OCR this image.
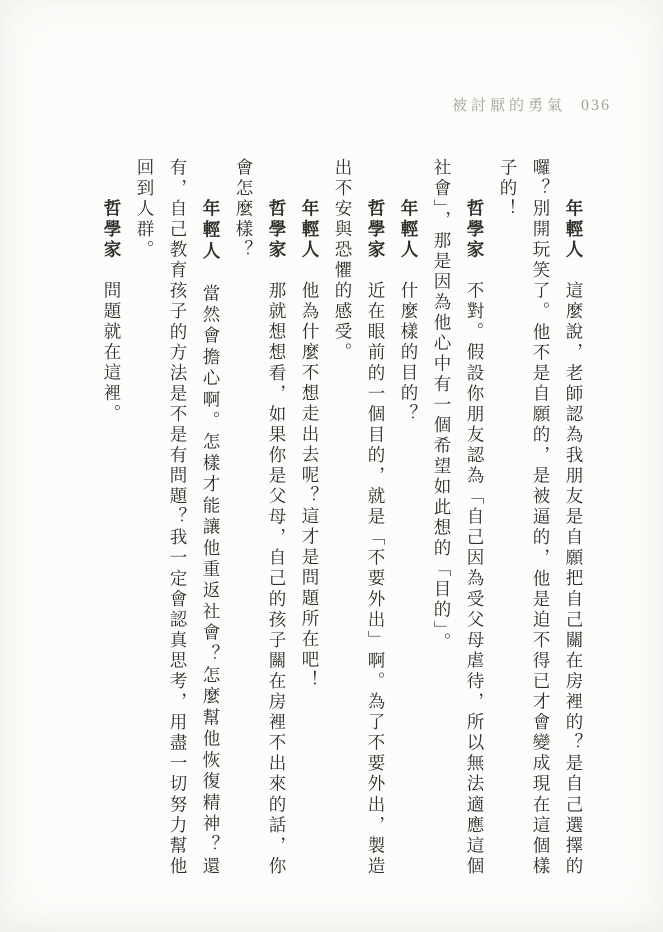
被討厭的勇氣 036

年輕人　這麼說，老師認為我朋友是自願把自己關在房裡的？是自己選擇的囉？別開玩笑了。他不是自願的，是被逼的，他是迫不得已才會變成現在這個樣子的！

哲學家　不對。假設你朋友認為「自己因為受父母虐待，所以無法適應這個社會」，那是因為他心中有一個希望如此想的「目的」。

年輕人　什麼樣的目的？

哲學家　近在眼前的一個目的，就是「不要外出」啊。為了不要外出，製造出不安與恐懼的感受。

年輕人　他為什麼不想走出去呢？這才是問題所在吧！

哲學家　那就想想看，如果你是父母，自己的孩子關在房裡不出來的話，你會怎麼樣？

年輕人　當然會擔心啊。怎樣才能讓他重返社會？怎麼幫他恢復精神？還有，自己教育孩子的方法是不是有問題？我一定會認真思考，用盡一切努力幫他回到人群。

哲學家　問題就在這裡。
